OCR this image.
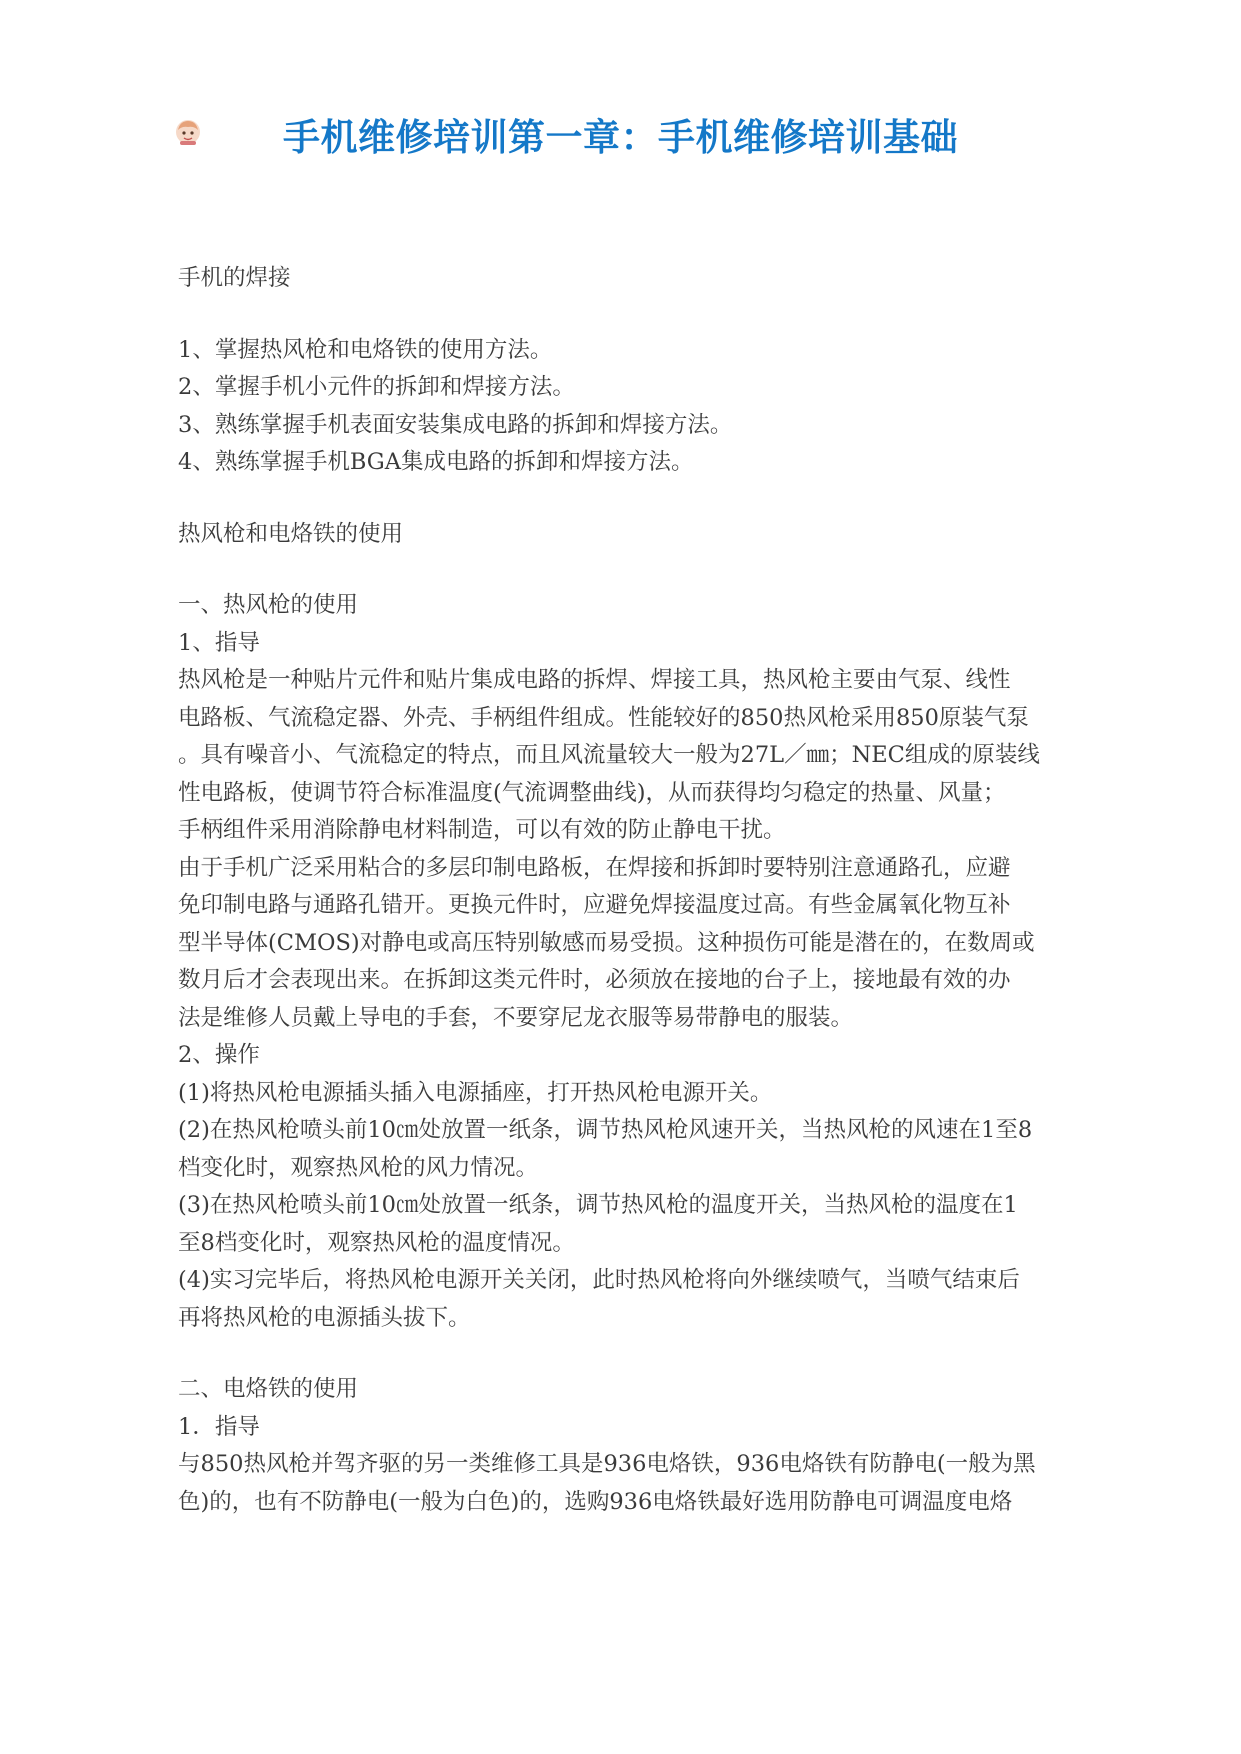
手机维修培训第一章：手机维修培训基础

手机的焊接

1、掌握热风枪和电烙铁的使用方法。

2、掌握手机小元件的拆卸和焊接方法。

3、熟练掌握手机表面安装集成电路的拆卸和焊接方法。

4、熟练掌握手机BGA集成电路的拆卸和焊接方法。

热风枪和电烙铁的使用

一、热风枪的使用

1、指导

热风枪是一种贴片元件和贴片集成电路的拆焊、焊接工具，热风枪主要由气泵、线性

电路板、气流稳定器、外壳、手柄组件组成。性能较好的850热风枪采用850原装气泵

。具有噪音小、气流稳定的特点，而且风流量较大一般为27L／㎜；NEC组成的原装线

性电路板，使调节符合标准温度(气流调整曲线)，从而获得均匀稳定的热量、风量；

手柄组件采用消除静电材料制造，可以有效的防止静电干扰。

由于手机广泛采用粘合的多层印制电路板，在焊接和拆卸时要特别注意通路孔，应避

免印制电路与通路孔错开。更换元件时，应避免焊接温度过高。有些金属氧化物互补

型半导体(CMOS)对静电或高压特别敏感而易受损。这种损伤可能是潜在的，在数周或

数月后才会表现出来。在拆卸这类元件时，必须放在接地的台子上，接地最有效的办

法是维修人员戴上导电的手套，不要穿尼龙衣服等易带静电的服装。

2、操作

(1)将热风枪电源插头插入电源插座，打开热风枪电源开关。

(2)在热风枪喷头前10㎝处放置一纸条，调节热风枪风速开关，当热风枪的风速在1至8

档变化时，观察热风枪的风力情况。

(3)在热风枪喷头前10㎝处放置一纸条，调节热风枪的温度开关，当热风枪的温度在1

至8档变化时，观察热风枪的温度情况。

(4)实习完毕后，将热风枪电源开关关闭，此时热风枪将向外继续喷气，当喷气结束后

再将热风枪的电源插头拔下。

二、电烙铁的使用

1．指导

与850热风枪并驾齐驱的另一类维修工具是936电烙铁，936电烙铁有防静电(一般为黑

色)的，也有不防静电(一般为白色)的，选购936电烙铁最好选用防静电可调温度电烙
